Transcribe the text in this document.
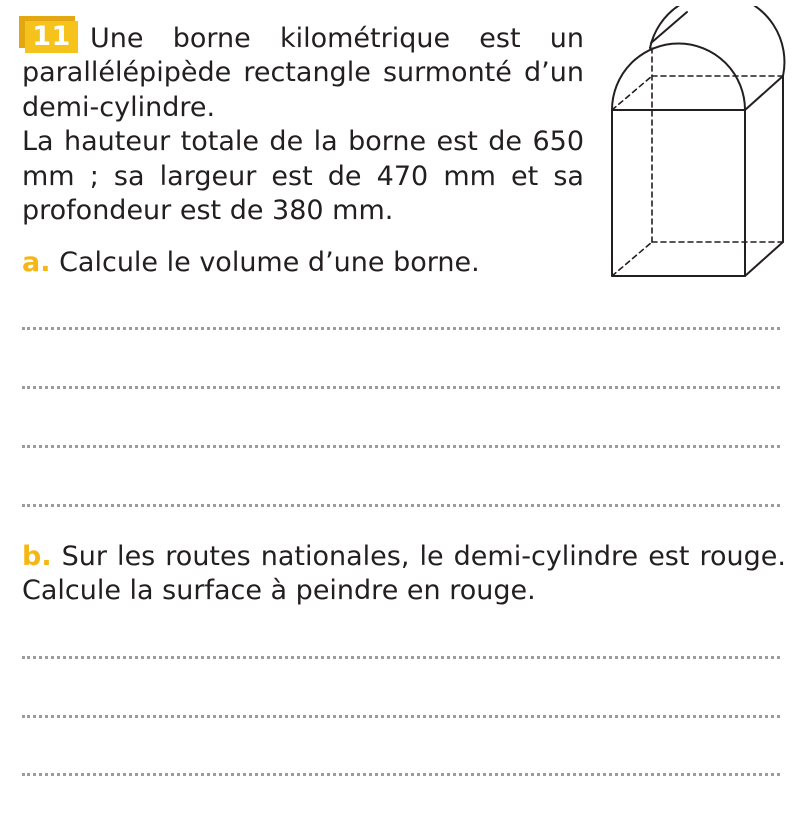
11 Une borne kilométrique est un parallélépipède rectangle surmonté d’un demi-cylindre.
La hauteur totale de la borne est de 650 mm ; sa largeur est de 470 mm et sa profondeur est de 380 mm.

a. Calcule le volume d’une borne.

b. Sur les routes nationales, le demi-cylindre est rouge. Calcule la surface à peindre en rouge.
